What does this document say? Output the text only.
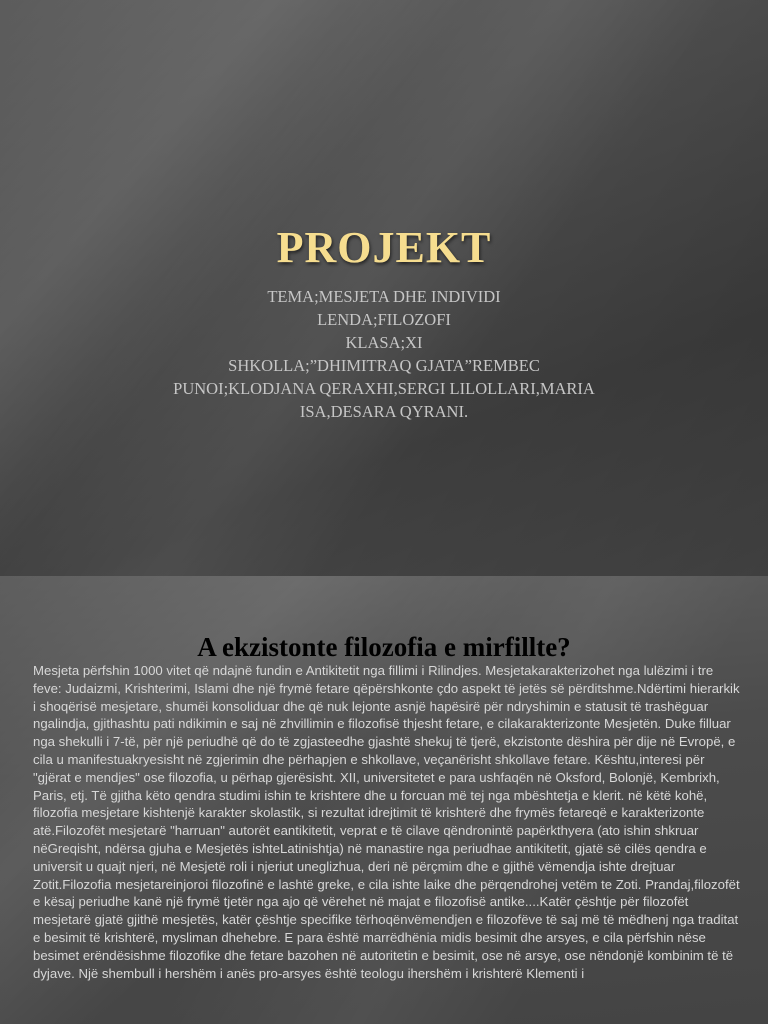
PROJEKT
TEMA;MESJETA DHE INDIVIDI
LENDA;FILOZOFI
KLASA;XI
SHKOLLA;”DHIMITRAQ GJATA”REMBEC
PUNOI;KLODJANA QERAXHI,SERGI LILOLLARI,MARIA
ISA,DESARA QYRANI.
A ekzistonte filozofia e mirfillte?
Mesjeta përfshin 1000 vitet që ndajnë fundin e Antikitetit nga fillimi i Rilindjes. Mesjetakarakterizohet nga lulëzimi i tre feve: Judaizmi, Krishterimi, Islami dhe një frymë fetare qëpërshkonte çdo aspekt të jetës së përditshme.Ndërtimi hierarkik i shoqërisë mesjetare, shumëi konsoliduar dhe që nuk lejonte asnjë hapësirë për ndryshimin e statusit të trashëguar ngalindja, gjithashtu pati ndikimin e saj në zhvillimin e filozofisë thjesht fetare, e cilakarakterizonte Mesjetën. Duke filluar nga shekulli i 7-të, për një periudhë që do të zgjasteedhe gjashtë shekuj të tjerë, ekzistonte dëshira për dije në Evropë, e cila u manifestuakryesisht në zgjerimin dhe përhapjen e shkollave, veçanërisht shkollave fetare. Kështu,interesi për "gjërat e mendjes" ose filozofia, u përhap gjerësisht. XII, universitetet e para ushfaqën në Oksford, Bolonjë, Kembrixh, Paris, etj. Të gjitha këto qendra studimi ishin te krishtere dhe u forcuan më tej nga mbështetja e klerit. në këtë kohë, filozofia mesjetare kishtenjë karakter skolastik, si rezultat idrejtimit të krishterë dhe frymës fetareqë e karakterizonte atë.Filozofët mesjetarë "harruan" autorët eantikitetit, veprat e të cilave qëndronintë papërkthyera (ato ishin shkruar nëGreqisht, ndërsa gjuha e Mesjetës ishteLatinishtja) në manastire nga periudhae antikitetit, gjatë së cilës qendra e universit u quajt njeri, në Mesjetë roli i njeriut uneglizhua, deri në përçmim dhe e gjithë vëmendja ishte drejtuar Zotit.Filozofia mesjetareinjoroi filozofinë e lashtë greke, e cila ishte laike dhe përqendrohej vetëm te Zoti. Prandaj,filozofët e kësaj periudhe kanë një frymë tjetër nga ajo që vërehet në majat e filozofisë antike....Katër çështje për filozofët mesjetarë gjatë gjithë mesjetës, katër çështje specifike tërhoqënvëmendjen e filozofëve të saj më të mëdhenj nga traditat e besimit të krishterë, mysliman dhehebre. E para është marrëdhënia midis besimit dhe arsyes, e cila përfshin nëse besimet erëndësishme filozofike dhe fetare bazohen në autoritetin e besimit, ose në arsye, ose nëndonjë kombinim të të dyjave. Një shembull i hershëm i anës pro-arsyes është teologu ihershëm i krishterë Klementi i
